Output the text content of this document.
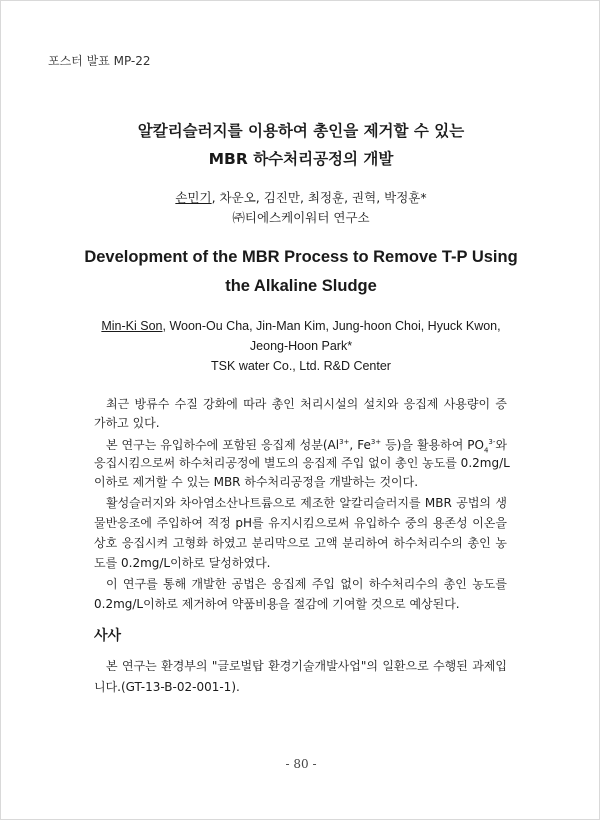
포스터 발표 MP-22
알칼리슬러지를 이용하여 총인을 제거할 수 있는
MBR 하수처리공정의 개발
손민기, 차운오, 김진만, 최정훈, 권혁, 박정훈*
㈜티에스케이워터 연구소
Development of the MBR Process to Remove T-P Using
the Alkaline Sludge
Min-Ki Son, Woon-Ou Cha, Jin-Man Kim, Jung-hoon Choi, Hyuck Kwon,
Jeong-Hoon Park*
TSK water Co., Ltd. R&D Center
최근 방류수 수질 강화에 따라 총인 처리시설의 설치와 응집제 사용량이 증
가하고 있다.
본 연구는 유입하수에 포함된 응집제 성분($Al^{3+}$, $Fe^{3+}$ 등)을 활용하여 $PO_4^{3-}$와
응집시킴으로써 하수처리공정에 별도의 응집제 주입 없이 총인 농도를 0.2mg/L
이하로 제거할 수 있는 MBR 하수처리공정을 개발하는 것이다.
활성슬러지와 차아염소산나트륨으로 제조한 알칼리슬러지를 MBR 공법의 생
물반응조에 주입하여 적정 pH를 유지시킴으로써 유입하수 중의 용존성 이온을
상호 응집시켜 고형화 하였고 분리막으로 고액 분리하여 하수처리수의 총인 농
도를 0.2mg/L이하로 달성하였다.
이 연구를 통해 개발한 공법은 응집제 주입 없이 하수처리수의 총인 농도를
0.2mg/L이하로 제거하여 약품비용을 절감에 기여할 것으로 예상된다.
사사
본 연구는 환경부의 "글로벌탑 환경기술개발사업"의 일환으로 수행된 과제입
니다.(GT-13-B-02-001-1).
- 80 -
